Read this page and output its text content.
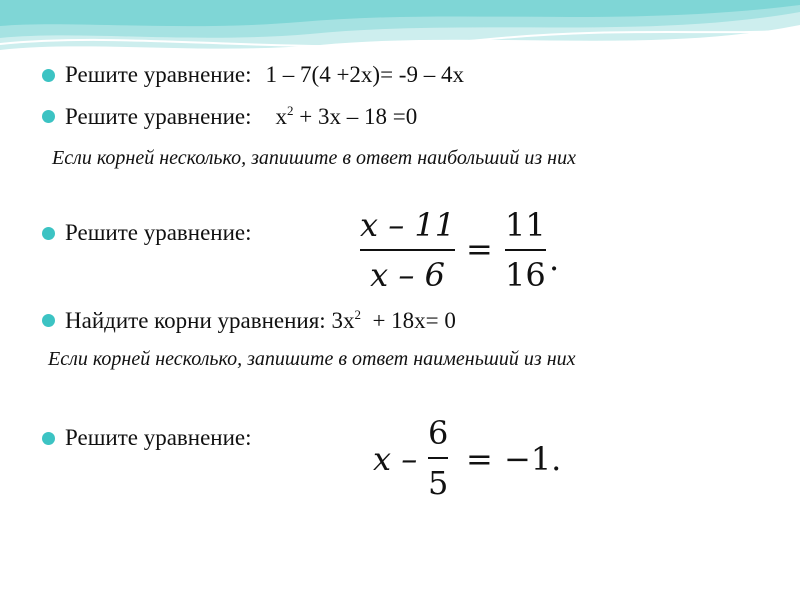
Решите уравнение: 1 – 7(4 +2x)= -9 – 4x
Решите уравнение: $x^2 + 3x - 18 =0$
Если корней несколько, запишите в ответ наибольший из них
Решите уравнение:	x – 11
x – 6
=
11
16 .
Найдите корни уравнения: $3x^2 + 18x= 0$
Если корней несколько, запишите в ответ наименьший из них
Решите уравнение:
x –
6
5
= −1.
